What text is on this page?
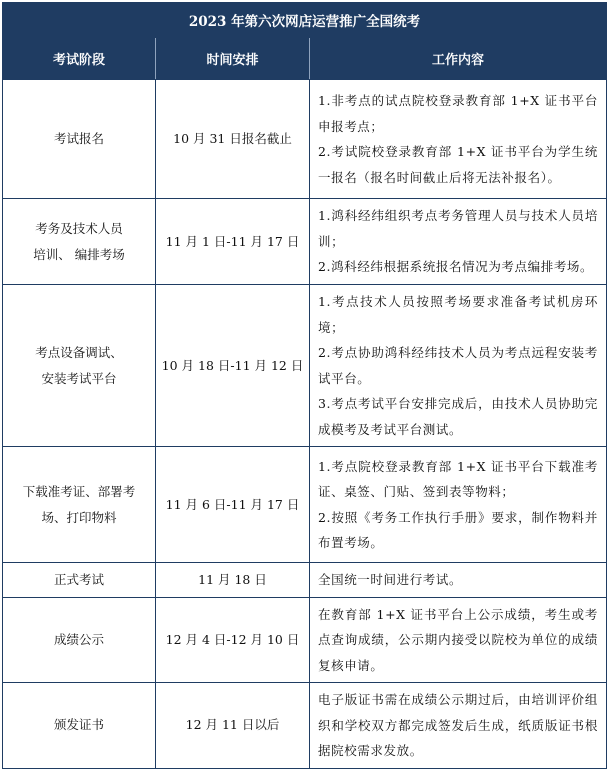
2023 年第六次网店运营推广全国统考		
考试阶段	时间安排	工作内容

考试报名	10 月 31 日报名截止	1.非考点的试点院校登录教育部 1+X 证书平台申报考点；
2.考试院校登录教育部 1+X 证书平台为学生统一报名（报名时间截止后将无法补报名）。

考务及技术人员
培训、 编排考场	11 月 1 日-11 月 17 日	1.鸿科经纬组织考点考务管理人员与技术人员培训；
2.鸿科经纬根据系统报名情况为考点编排考场。

考点设备调试、
安装考试平台	10 月 18 日-11 月 12 日	1.考点技术人员按照考场要求准备考试机房环境；
2.考点协助鸿科经纬技术人员为考点远程安装考试平台。
3.考点考试平台安排完成后，由技术人员协助完成模考及考试平台测试。

下载准考证、部署考
场、打印物料	11 月 6 日-11 月 17 日	1.考点院校登录教育部 1+X 证书平台下载准考证、桌签、门贴、签到表等物料；
2.按照《考务工作执行手册》要求，制作物料并布置考场。

正式考试	11 月 18 日	全国统一时间进行考试。

成绩公示	12 月 4 日-12 月 10 日	在教育部 1+X 证书平台上公示成绩，考生或考点查询成绩，公示期内接受以院校为单位的成绩复核申请。

颁发证书	12 月 11 日以后	电子版证书需在成绩公示期过后，由培训评价组织和学校双方都完成签发后生成，纸质版证书根据院校需求发放。
